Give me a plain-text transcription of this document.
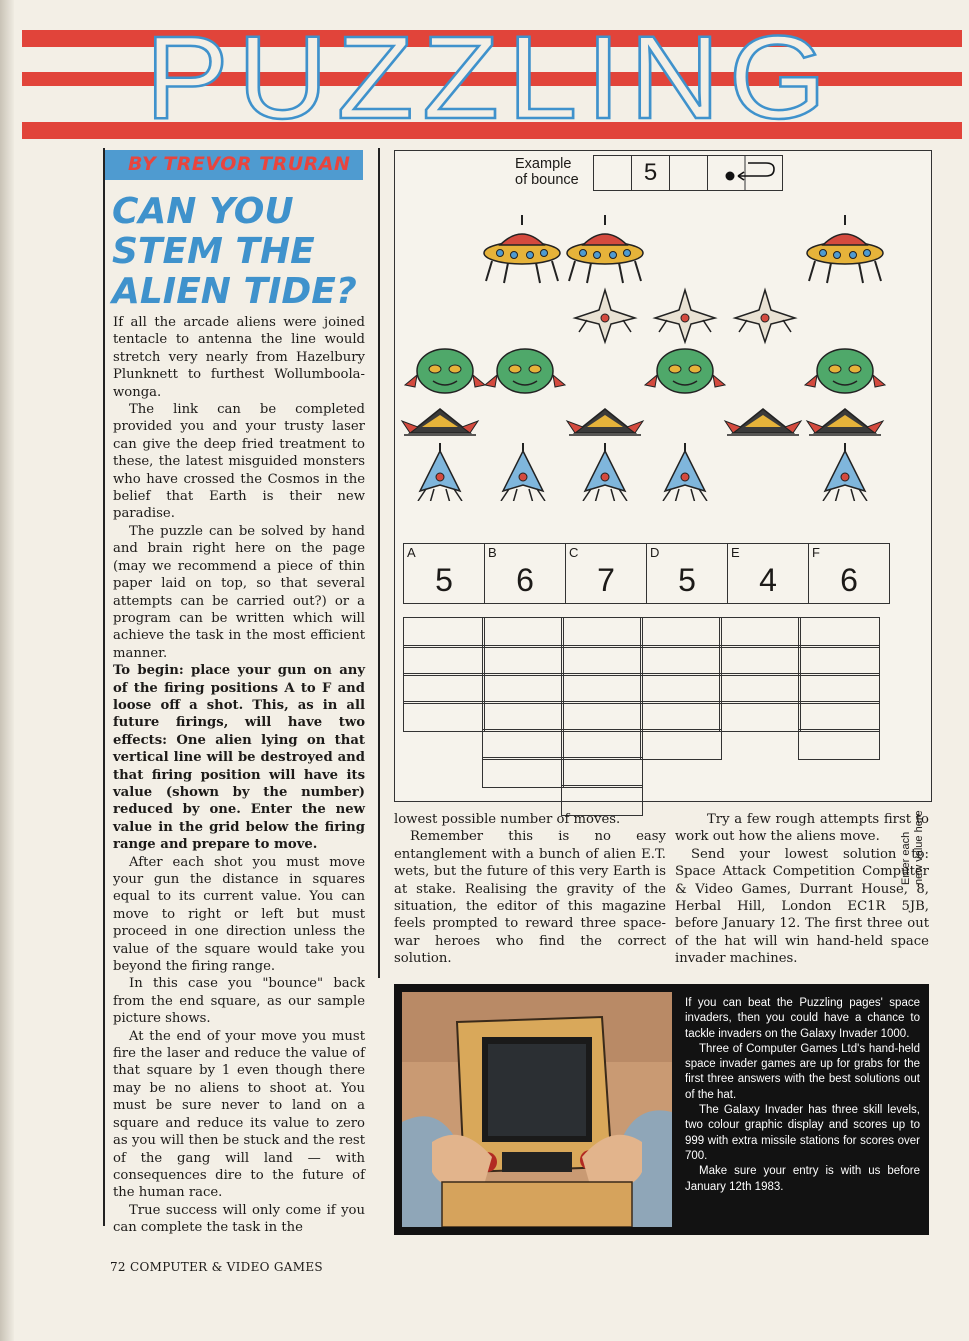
PUZZLING
BY TREVOR TRURAN
CAN YOU
STEM THE
ALIEN TIDE?

If all the arcade aliens were joined tentacle to antenna the line would stretch very nearly from Hazelbury Plunknett to furthest Wollumboola-wonga.

The link can be completed provided you and your trusty laser can give the deep fried treatment to these, the latest misguided monsters who have crossed the Cosmos in the belief that Earth is their new paradise.

The puzzle can be solved by hand and brain right here on the page (may we recommend a piece of thin paper laid on top, so that several attempts can be carried out?) or a program can be written which will achieve the task in the most efficient manner.

To begin: place your gun on any of the firing positions A to F and loose off a shot. This, as in all future firings, will have two effects: One alien lying on that vertical line will be destroyed and that firing position will have its value (shown by the number) reduced by one. Enter the new value in the grid below the firing range and prepare to move.

After each shot you must move your gun the distance in squares equal to its current value. You can move to right or left but must proceed in one direction unless the value of the square would take you beyond the firing range.

In this case you "bounce" back from the end square, as our sample picture shows.

At the end of your move you must fire the laser and reduce the value of that square by 1 even though there may be no aliens to shoot at. You must be sure never to land on a square and reduce its value to zero as you will then be stuck and the rest of the gang will land — with consequences dire to the future of the human race.

True success will only come if you can complete the task in the

Example
of bounce	5
A
5
B
6
C
7
D
5
E
4
F
6
Enter each new value here

lowest possible number of moves.

Remember this is no easy entanglement with a bunch of alien E.T. wets, but the future of this very Earth is at stake. Realising the gravity of the situation, the editor of this magazine feels prompted to reward three space-war heroes who find the correct solution.

Try a few rough attempts first to work out how the aliens move.

Send your lowest solution to: Space Attack Competition Computer & Video Games, Durrant House, 8, Herbal Hill, London EC1R 5JB, before January 12. The first three out of the hat will win hand-held space invader machines.

If you can beat the Puzzling pages' space invaders, then you could have a chance to tackle invaders on the Galaxy Invader 1000.

Three of Computer Games Ltd's hand-held space invader games are up for grabs for the first three answers with the best solutions out of the hat.

The Galaxy Invader has three skill levels, two colour graphic display and scores up to 999 with extra missile stations for scores over 700.

Make sure your entry is with us before January 12th 1983.

72 COMPUTER & VIDEO GAMES
